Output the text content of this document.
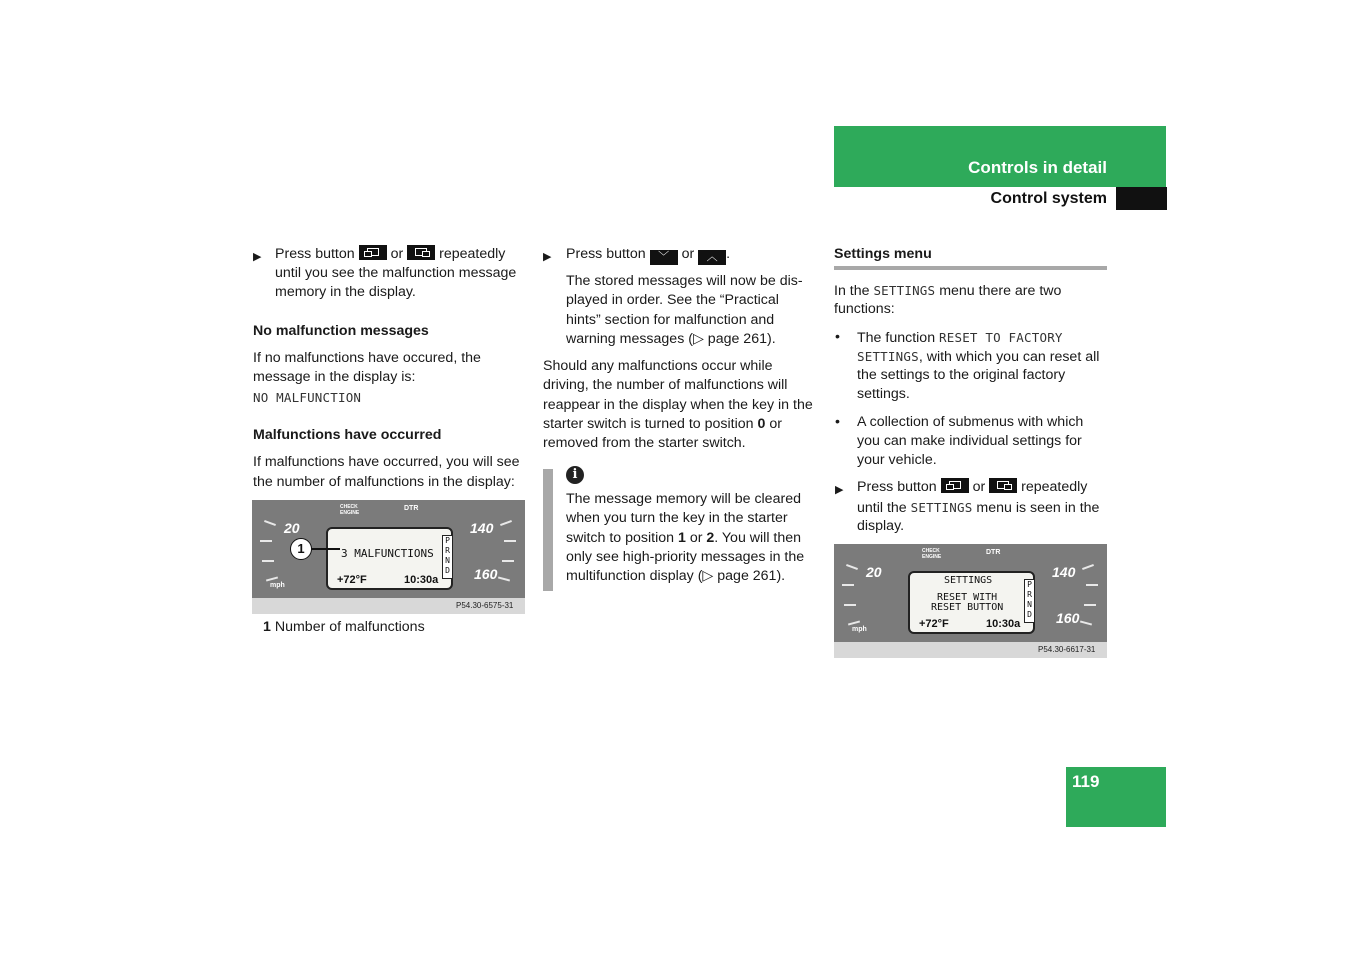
Controls in detail
Control system
▶ Press button	or	repeatedly
until you see the malfunction message
memory in the display.
No malfunction messages
If no malfunctions have occured, the
message in the display is:
NO MALFUNCTION
Malfunctions have occurred
If malfunctions have occurred, you will see
the number of malfunctions in the display:
20	140
160
mph
CHECK ENGINE
DTR
3 MALFUNCTIONS
+72°F	10:30a
P
R
N
D
1
P54.30-6575-31
1 Number of malfunctions
▶ Press button ﹀ or ︿ .
The stored messages will now be dis-
played in order. See the “Practical
hints” section for malfunction and
warning messages (▷ page 261).
Should any malfunctions occur while
driving, the number of malfunctions will
reappear in the display when the key in the
starter switch is turned to position 0 or
removed from the starter switch.
i
The message memory will be cleared
when you turn the key in the starter
switch to position 1 or 2. You will then
only see high-priority messages in the
multifunction display (▷ page 261).
Settings menu
In the SETTINGS menu there are two
functions:
• The function RESET TO FACTORY
SETTINGS, with which you can reset all
the settings to the original factory
settings.
• A collection of submenus with which
you can make individual settings for
your vehicle.
▶ Press button	or	repeatedly
until the SETTINGS menu is seen in the
display.
20	140
160
mph
CHECK ENGINE
DTR
SETTINGS
RESET WITH
RESET BUTTON
+72°F	10:30a
P
R
N
D
P54.30-6617-31
119
